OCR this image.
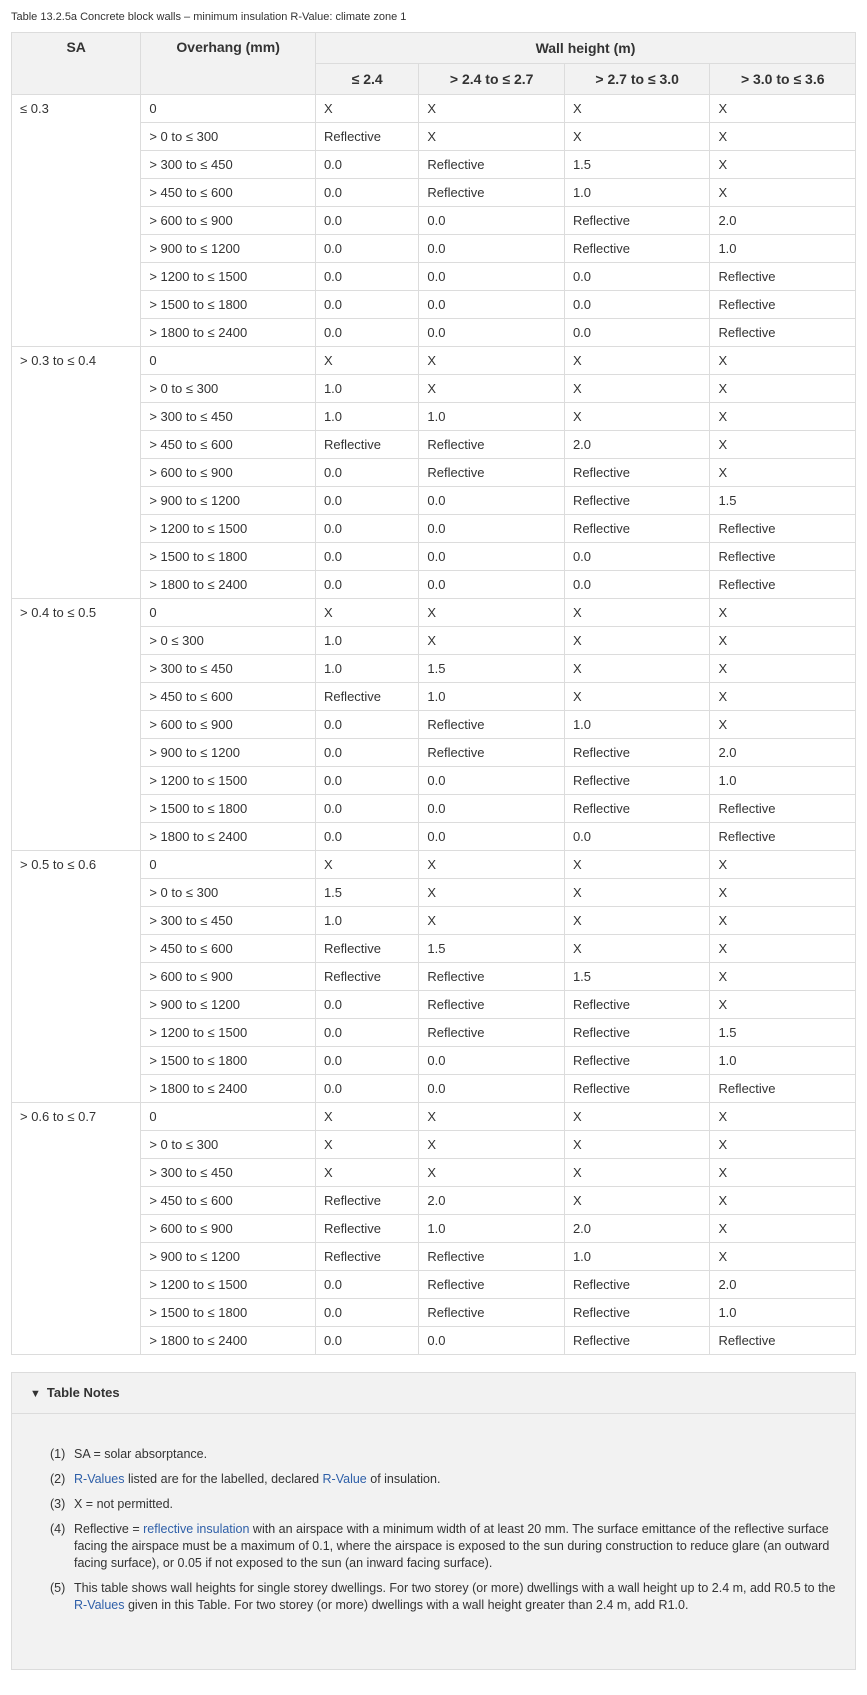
Table 13.2.5a Concrete block walls – minimum insulation R-Value: climate zone 1
SA	Overhang (mm)	Wall height (m)			
		≤ 2.4	> 2.4 to ≤ 2.7	> 2.7 to ≤ 3.0	> 3.0 to ≤ 3.6
≤ 0.3	0	X	X	X	X
	> 0 to ≤ 300	Reflective	X	X	X
	> 300 to ≤ 450	0.0	Reflective	1.5	X
	> 450 to ≤ 600	0.0	Reflective	1.0	X
	> 600 to ≤ 900	0.0	0.0	Reflective	2.0
	> 900 to ≤ 1200	0.0	0.0	Reflective	1.0
	> 1200 to ≤ 1500	0.0	0.0	0.0	Reflective
	> 1500 to ≤ 1800	0.0	0.0	0.0	Reflective
	> 1800 to ≤ 2400	0.0	0.0	0.0	Reflective
> 0.3 to ≤ 0.4	0	X	X	X	X
	> 0 to ≤ 300	1.0	X	X	X
	> 300 to ≤ 450	1.0	1.0	X	X
	> 450 to ≤ 600	Reflective	Reflective	2.0	X
	> 600 to ≤ 900	0.0	Reflective	Reflective	X
	> 900 to ≤ 1200	0.0	0.0	Reflective	1.5
	> 1200 to ≤ 1500	0.0	0.0	Reflective	Reflective
	> 1500 to ≤ 1800	0.0	0.0	0.0	Reflective
	> 1800 to ≤ 2400	0.0	0.0	0.0	Reflective
> 0.4 to ≤ 0.5	0	X	X	X	X
	> 0 ≤ 300	1.0	X	X	X
	> 300 to ≤ 450	1.0	1.5	X	X
	> 450 to ≤ 600	Reflective	1.0	X	X
	> 600 to ≤ 900	0.0	Reflective	1.0	X
	> 900 to ≤ 1200	0.0	Reflective	Reflective	2.0
	> 1200 to ≤ 1500	0.0	0.0	Reflective	1.0
	> 1500 to ≤ 1800	0.0	0.0	Reflective	Reflective
	> 1800 to ≤ 2400	0.0	0.0	0.0	Reflective
> 0.5 to ≤ 0.6	0	X	X	X	X
	> 0 to ≤ 300	1.5	X	X	X
	> 300 to ≤ 450	1.0	X	X	X
	> 450 to ≤ 600	Reflective	1.5	X	X
	> 600 to ≤ 900	Reflective	Reflective	1.5	X
	> 900 to ≤ 1200	0.0	Reflective	Reflective	X
	> 1200 to ≤ 1500	0.0	Reflective	Reflective	1.5
	> 1500 to ≤ 1800	0.0	0.0	Reflective	1.0
	> 1800 to ≤ 2400	0.0	0.0	Reflective	Reflective
> 0.6 to ≤ 0.7	0	X	X	X	X
	> 0 to ≤ 300	X	X	X	X
	> 300 to ≤ 450	X	X	X	X
	> 450 to ≤ 600	Reflective	2.0	X	X
	> 600 to ≤ 900	Reflective	1.0	2.0	X
	> 900 to ≤ 1200	Reflective	Reflective	1.0	X
	> 1200 to ≤ 1500	0.0	Reflective	Reflective	2.0
	> 1500 to ≤ 1800	0.0	Reflective	Reflective	1.0
	> 1800 to ≤ 2400	0.0	0.0	Reflective	Reflective
▼ Table Notes
(1) SA = solar absorptance.
(2) R-Values listed are for the labelled, declared R-Value of insulation.
(3) X = not permitted.
(4) Reflective = reflective insulation with an airspace with a minimum width of at least 20 mm. The surface emittance of the reflective surface facing the airspace must be a maximum of 0.1, where the airspace is exposed to the sun during construction to reduce glare (an outward facing surface), or 0.05 if not exposed to the sun (an inward facing surface).
(5) This table shows wall heights for single storey dwellings. For two storey (or more) dwellings with a wall height up to 2.4 m, add R0.5 to the R-Values given in this Table. For two storey (or more) dwellings with a wall height greater than 2.4 m, add R1.0.
